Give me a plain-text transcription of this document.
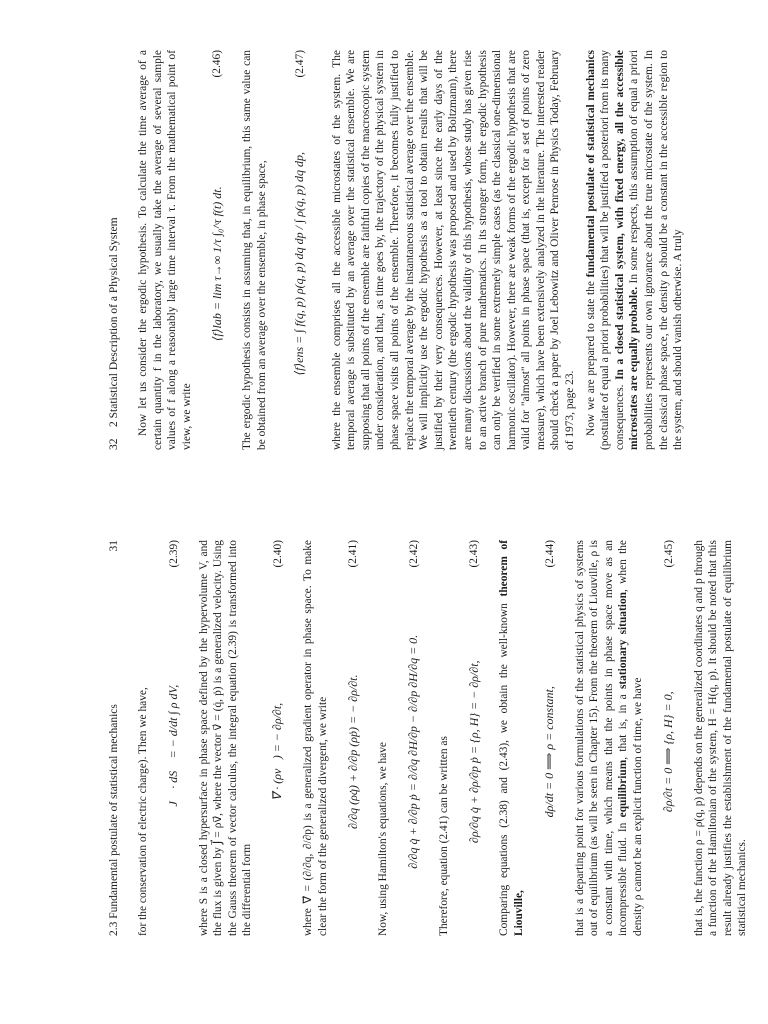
2.3 Fundamental postulate of statistical mechanics
31

for the conservation of electric charge). Then we have, ∮ J⃗ · dS⃗ = − d/dt ∫ ρ dV,
(2.39) where S is a closed hypersurface in phase space defined by the hypervolume V, and the flux is given by J⃗ = ρv⃗, where the vector v⃗ = (q̇, ṗ) is a generalized velocity. Using the Gauss theorem of vector calculus, the integral equation (2.39) is transformed into the differential form

∇⃗ · (ρv⃗) = − ∂ρ/∂t,
(2.40) where ∇⃗ = (∂/∂q, ∂/∂p) is a generalized gradient operator in phase space. To make clear the form of the generalized divergent, we write ∂/∂q (ρq̇) + ∂/∂p (ρṗ) = − ∂ρ/∂t.
(2.41)

Now, using Hamilton's equations, we have ∂/∂q q̇ + ∂/∂p ṗ = ∂/∂q ∂H/∂p − ∂/∂p ∂H/∂q = 0.
(2.42)

Therefore, equation (2.41) can be written as ∂ρ/∂q q̇ + ∂ρ/∂p ṗ = {ρ, H} = − ∂ρ/∂t,
(2.43)

Comparing equations (2.38) and (2.43), we obtain the well-known theorem of Liouville,

dρ/dt = 0 ⟹ ρ = constant,
(2.44) that is a departing point for various formulations of the statistical physics of systems out of equilibrium (as will be seen in Chapter 15). From the theorem of Liouville, ρ is a constant with time, which means that the points in phase space move as an incompressible fluid. In equilibrium, that is, in a stationary situation, when the density ρ cannot be an explicit function of time, we have ∂ρ/∂t = 0 ⟹ {ρ, H} = 0,
(2.45) that is, the function ρ = ρ(q, p) depends on the generalized coordinates q and p through a function of the Hamiltonian of the system, H = H(q, p). It should be noted that this result already justifies the establishment of the fundamental postulate of equilibrium statistical mechanics.

32    2 Statistical Description of a Physical System Now let us consider the ergodic hypothesis. To calculate the time average of a certain quantity f in the laboratory, we usually take the average of several sample values of f along a reasonably large time interval τ. From the mathematical point of view, we write

⟨f⟩lab = lim τ→∞ 1/τ ∫₀^τ f(t) dt.
(2.46) The ergodic hypothesis consists in assuming that, in equilibrium, this same value can be obtained from an average over the ensemble, in phase space, ⟨f⟩ens = ∫ f(q, p) ρ(q, p) dq dp / ∫ ρ(q, p) dq dp,
(2.47) where the ensemble comprises all the accessible microstates of the system. The temporal average is substituted by an average over the statistical ensemble. We are supposing that all points of the ensemble are faithful copies of the macroscopic system under consideration, and that, as time goes by, the trajectory of the physical system in phase space visits all points of the ensemble. Therefore, it becomes fully justified to replace the temporal average by the instantaneous statistical average over the ensemble. We will implicitly use the ergodic hypothesis as a tool to obtain results that will be justified by their very consequences. However, at least since the early days of the twentieth century (the ergodic hypothesis was proposed and used by Boltzmann), there are many discussions about the validity of this hypothesis, whose study has given rise to an active branch of pure mathematics. In its stronger form, the ergodic hypothesis can only be verified in some extremely simple cases (as the classical one-dimensional harmonic oscillator). However, there are weak forms of the ergodic hypothesis that are valid for "almost" all points in phase space (that is, except for a set of points of zero measure), which have been extensively analyzed in the literature. The interested reader should check a paper by Joel Lebowitz and Oliver Penrose in Physics Today, February of 1973, page 23. Now we are prepared to state the fundamental postulate of statistical mechanics (postulate of equal a priori probabilities) that will be justified a posteriori from its many consequences. In a closed statistical system, with fixed energy, all the accessible microstates are equally probable. In some respects, this assumption of equal a priori probabilities represents our own ignorance about the true microstate of the system. In the classical phase space, the density ρ should be a constant in the accessible region to the system, and should vanish otherwise. A truly
